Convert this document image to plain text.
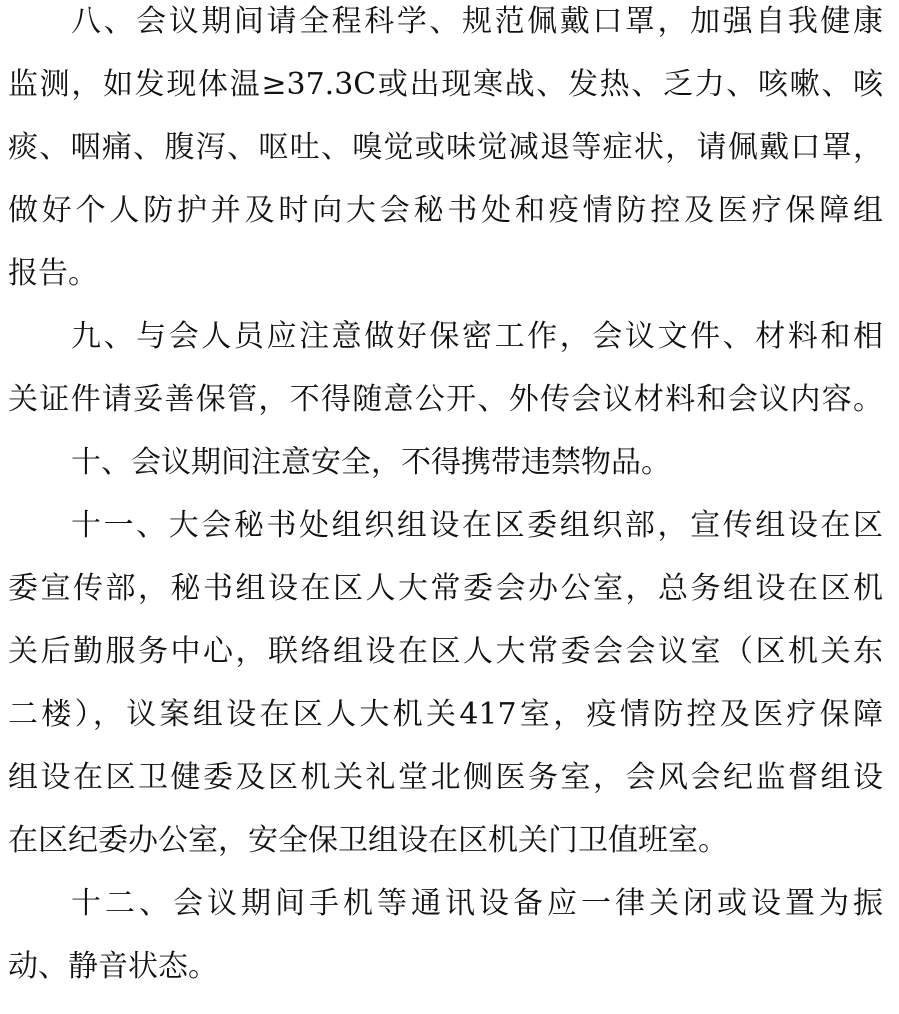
八、会议期间请全程科学、规范佩戴口罩，加强自我健康
监测，如发现体温≥37.3C或出现寒战、发热、乏力、咳嗽、咳
痰、咽痛、腹泻、呕吐、嗅觉或味觉减退等症状，请佩戴口罩，
做好个人防护并及时向大会秘书处和疫情防控及医疗保障组
报告。
九、与会人员应注意做好保密工作，会议文件、材料和相
关证件请妥善保管，不得随意公开、外传会议材料和会议内容。
十、会议期间注意安全，不得携带违禁物品。
十一、大会秘书处组织组设在区委组织部，宣传组设在区
委宣传部，秘书组设在区人大常委会办公室，总务组设在区机
关后勤服务中心，联络组设在区人大常委会会议室（区机关东
二楼），议案组设在区人大机关417室，疫情防控及医疗保障
组设在区卫健委及区机关礼堂北侧医务室，会风会纪监督组设
在区纪委办公室，安全保卫组设在区机关门卫值班室。
十二、会议期间手机等通讯设备应一律关闭或设置为振
动、静音状态。
